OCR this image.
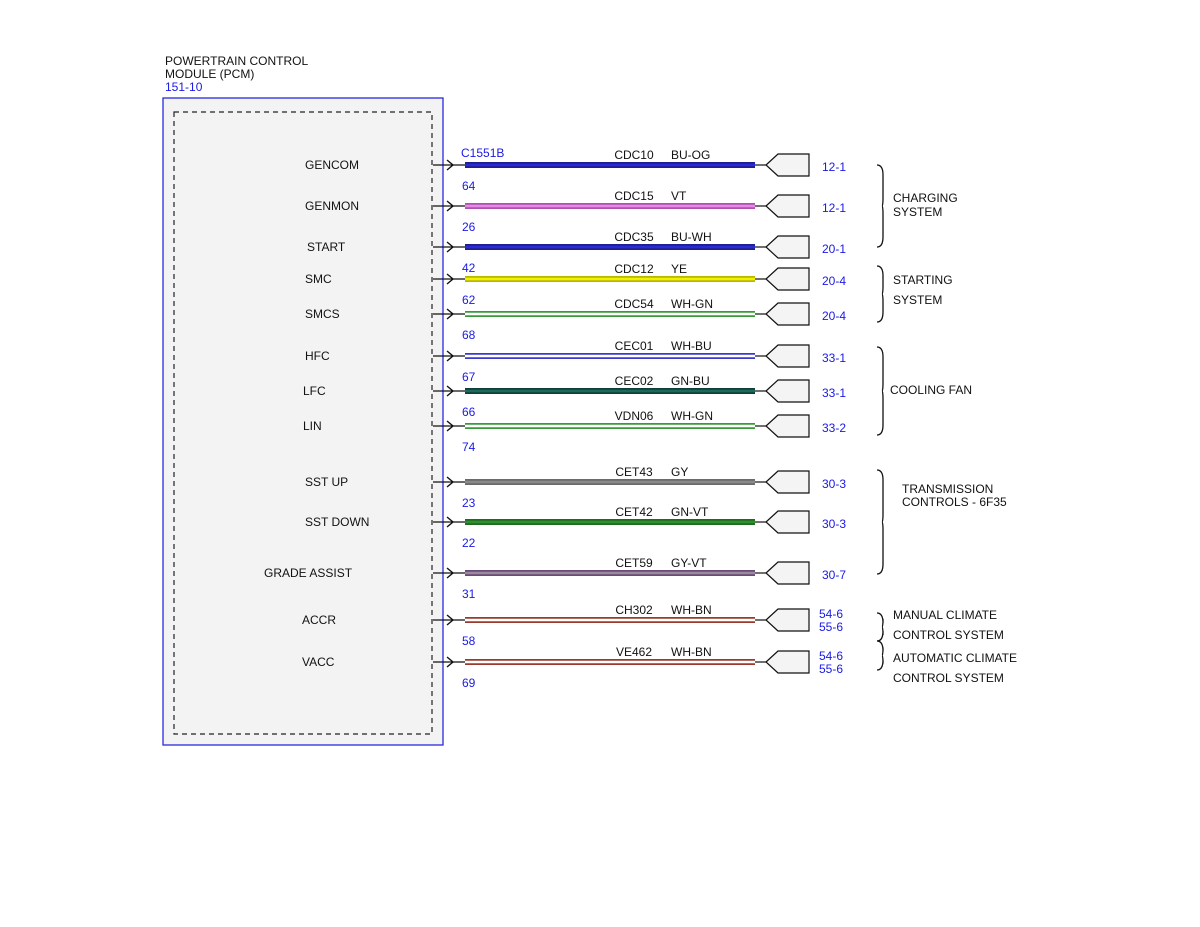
POWERTRAIN CONTROL
MODULE (PCM)
151-10
C1551B
GENCOM
64
CDC10 BU-OG
12-1
GENMON
26
CDC15 VT
12-1
START
42
CDC35 BU-WH
20-1
SMC
62
CDC12 YE
20-4
SMCS
68
CDC54 WH-GN
20-4
HFC
67
CEC01 WH-BU
33-1
LFC
66
CEC02 GN-BU
33-1
LIN
74
VDN06 WH-GN
33-2
SST UP
23
CET43 GY
30-3
SST DOWN
22
CET42 GN-VT
30-3
GRADE ASSIST
31
CET59 GY-VT
30-7
ACCR
58
CH302 WH-BN	54-6
55-6
VACC
69
VE462 WH-BN	54-6
55-6
CHARGING
SYSTEM
STARTING
SYSTEM
COOLING FAN
TRANSMISSION
CONTROLS - 6F35
MANUAL CLIMATE
CONTROL SYSTEM
AUTOMATIC CLIMATE
CONTROL SYSTEM
